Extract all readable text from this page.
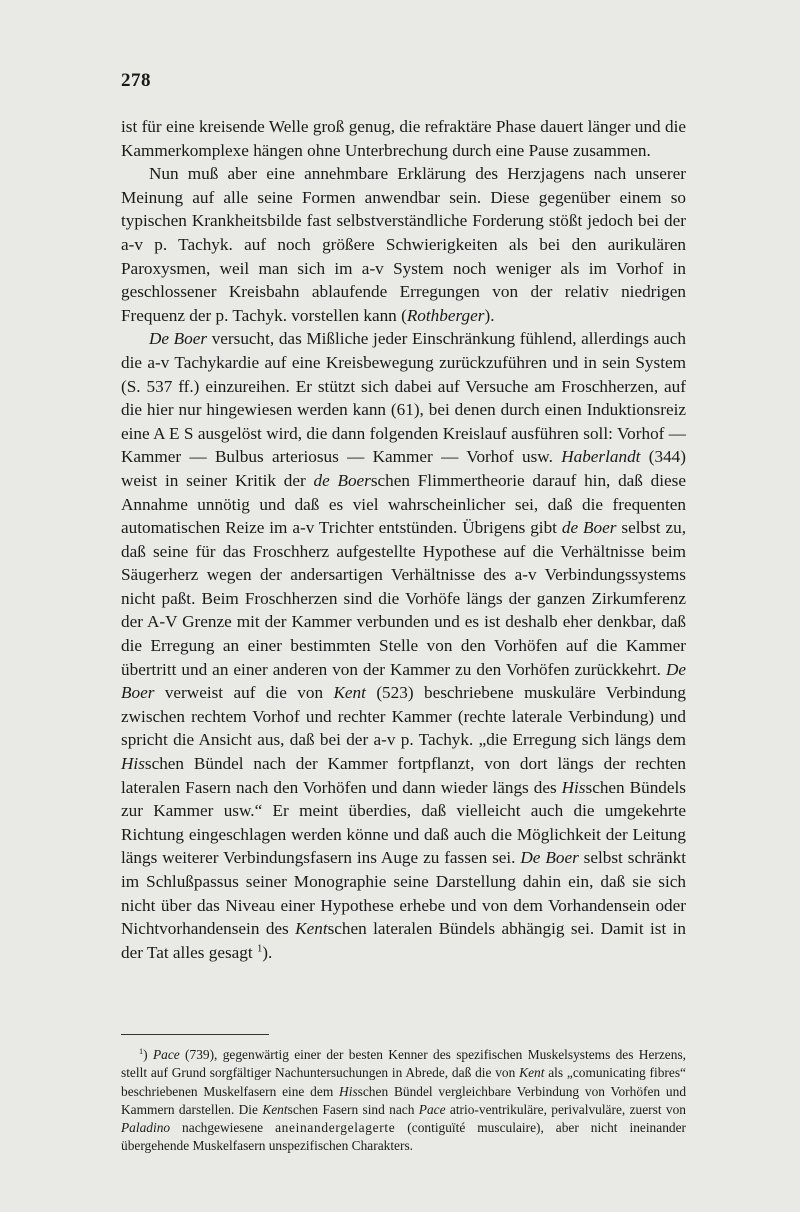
278

ist für eine kreisende Welle groß genug, die refraktäre Phase dauert länger und die Kammerkomplexe hängen ohne Unterbrechung durch eine Pause zusammen.

Nun muß aber eine annehmbare Erklärung des Herzjagens nach unserer Meinung auf alle seine Formen anwendbar sein. Diese gegenüber einem so typischen Krankheitsbilde fast selbstverständliche Forderung stößt jedoch bei der a-v p. Tachyk. auf noch größere Schwierigkeiten als bei den aurikulären Paroxysmen, weil man sich im a-v System noch weniger als im Vorhof in geschlossener Kreisbahn ablaufende Erregungen von der relativ niedrigen Frequenz der p. Tachyk. vorstellen kann (Rothberger).

De Boer versucht, das Mißliche jeder Einschränkung fühlend, allerdings auch die a-v Tachykardie auf eine Kreisbewegung zurückzuführen und in sein System (S. 537 ff.) einzureihen. Er stützt sich dabei auf Versuche am Froschherzen, auf die hier nur hingewiesen werden kann (61), bei denen durch einen Induktionsreiz eine A E S ausgelöst wird, die dann folgenden Kreislauf ausführen soll: Vorhof — Kammer — Bulbus arteriosus — Kammer — Vorhof usw. Haberlandt (344) weist in seiner Kritik der de Boerschen Flimmertheorie darauf hin, daß diese Annahme unnötig und daß es viel wahrscheinlicher sei, daß die frequenten automatischen Reize im a-v Trichter entstünden. Übrigens gibt de Boer selbst zu, daß seine für das Froschherz aufgestellte Hypothese auf die Verhältnisse beim Säugerherz wegen der andersartigen Verhältnisse des a-v Verbindungssystems nicht paßt. Beim Froschherzen sind die Vorhöfe längs der ganzen Zirkumferenz der A-V Grenze mit der Kammer verbunden und es ist deshalb eher denkbar, daß die Erregung an einer bestimmten Stelle von den Vorhöfen auf die Kammer übertritt und an einer anderen von der Kammer zu den Vorhöfen zurückkehrt. De Boer verweist auf die von Kent (523) beschriebene muskuläre Verbindung zwischen rechtem Vorhof und rechter Kammer (rechte laterale Verbindung) und spricht die Ansicht aus, daß bei der a-v p. Tachyk. „die Erregung sich längs dem Hisschen Bündel nach der Kammer fortpflanzt, von dort längs der rechten lateralen Fasern nach den Vorhöfen und dann wieder längs des Hisschen Bündels zur Kammer usw.“ Er meint überdies, daß vielleicht auch die umgekehrte Richtung eingeschlagen werden könne und daß auch die Möglichkeit der Leitung längs weiterer Verbindungsfasern ins Auge zu fassen sei. De Boer selbst schränkt im Schlußpassus seiner Monographie seine Darstellung dahin ein, daß sie sich nicht über das Niveau einer Hypothese erhebe und von dem Vorhandensein oder Nichtvorhandensein des Kentschen lateralen Bündels abhängig sei. Damit ist in der Tat alles gesagt $^1$).

$^1$) Pace (739), gegenwärtig einer der besten Kenner des spezifischen Muskelsystems des Herzens, stellt auf Grund sorgfältiger Nachuntersuchungen in Abrede, daß die von Kent als „comunicating fibres“ beschriebenen Muskelfasern eine dem Hisschen Bündel vergleichbare Verbindung von Vorhöfen und Kammern darstellen. Die Kentschen Fasern sind nach Pace atrio-ventrikuläre, perivalvuläre, zuerst von Paladino nachgewiesene aneinandergelagerte (contiguïté musculaire), aber nicht ineinander übergehende Muskelfasern unspezifischen Charakters.
